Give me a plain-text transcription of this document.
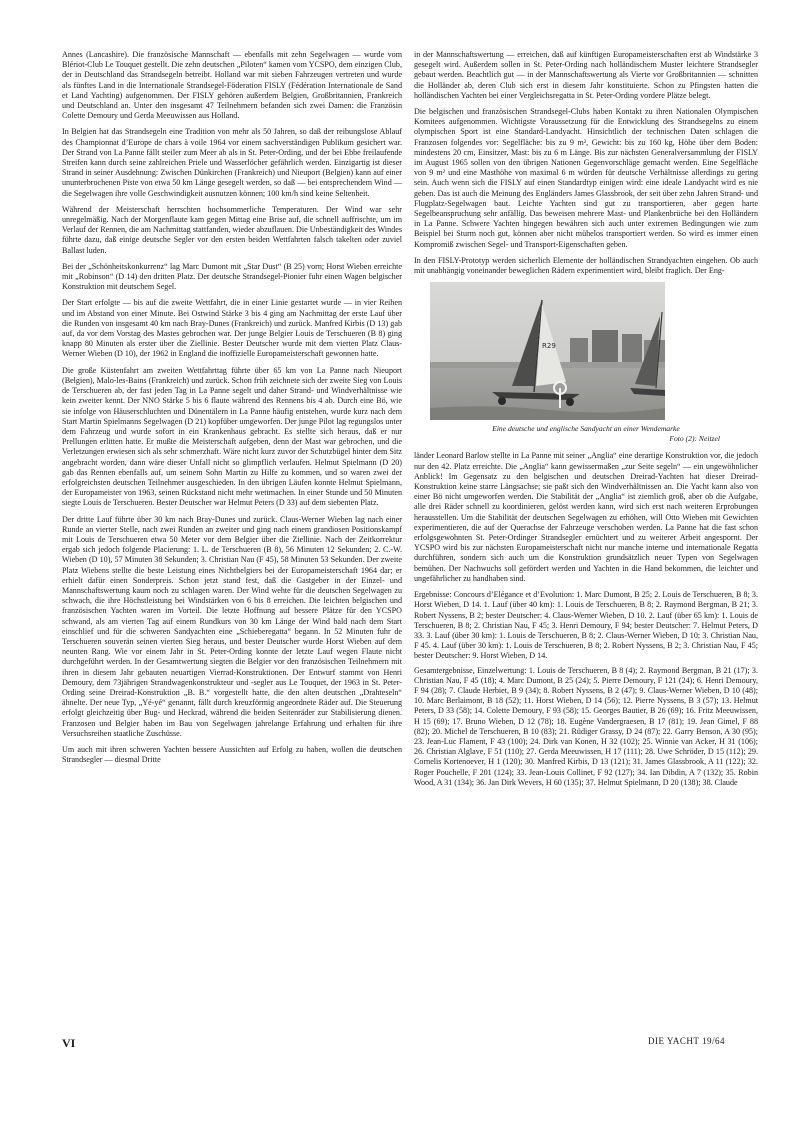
Annes (Lancashire). Die französische Mannschaft — ebenfalls mit zehn Segelwagen — wurde vom Blériot-Club Le Touquet gestellt. Die zehn deutschen „Piloten“ kamen vom YCSPO, dem einzigen Club, der in Deutschland das Strandsegeln betreibt. Holland war mit sieben Fahrzeugen vertreten und wurde als fünftes Land in die Internationale Strandsegel-Föderation FISLY (Fédération Internationale de Sand et Land Yachting) aufgenommen. Der FISLY gehören außerdem Belgien, Großbritannien, Frankreich und Deutschland an. Unter den insgesamt 47 Teilnehmern befanden sich zwei Damen: die Französin Colette Demoury und Gerda Meeuwissen aus Holland.

In Belgien hat das Strandsegeln eine Tradition von mehr als 50 Jahren, so daß der reibungslose Ablauf des Championnat d’Europe de chars à voile 1964 vor einem sachverständigen Publikum gesichert war. Der Strand von La Panne fällt steiler zum Meer ab als in St. Peter-Ording, und der bei Ebbe freilaufende Streifen kann durch seine zahlreichen Priele und Wasserlöcher gefährlich werden. Einzigartig ist dieser Strand in seiner Ausdehnung: Zwischen Dünkirchen (Frankreich) und Nieuport (Belgien) kann auf einer ununterbrochenen Piste von etwa 50 km Länge gesegelt werden, so daß — bei entsprechendem Wind — die Segelwagen ihre volle Geschwindigkeit ausnutzen können; 100 km/h sind keine Seltenheit.

Während der Meisterschaft herrschten hochsommerliche Temperaturen. Der Wind war sehr unregelmäßig. Nach der Morgenflaute kam gegen Mittag eine Brise auf, die schnell auffrischte, um im Verlauf der Rennen, die am Nachmittag stattfanden, wieder abzuflauen. Die Unbeständigkeit des Windes führte dazu, daß einige deutsche Segler vor den ersten beiden Wettfahrten falsch takelten oder zuviel Ballast luden.

Bei der „Schönheitskonkurrenz“ lag Marc Dumont mit „Star Dust“ (B 25) vorn; Horst Wieben erreichte mit „Robinson“ (D 14) den dritten Platz. Der deutsche Strandsegel-Pionier fuhr einen Wagen belgischer Konstruktion mit deutschem Segel.

Der Start erfolgte — bis auf die zweite Wettfahrt, die in einer Linie gestartet wurde — in vier Reihen und im Abstand von einer Minute. Bei Ostwind Stärke 3 bis 4 ging am Nachmittag der erste Lauf über die Runden von insgesamt 40 km nach Bray-Dunes (Frankreich) und zurück. Manfred Kirbis (D 13) gab auf, da vor dem Vorstag des Mastes gebrochen war. Der junge Belgier Louis de Terschueren (B 8) ging knapp 80 Minuten als erster über die Ziellinie. Bester Deutscher wurde mit dem vierten Platz Claus-Werner Wieben (D 10), der 1962 in England die inoffizielle Europameisterschaft gewonnen hatte.

Die große Küstenfahrt am zweiten Wettfahrttag führte über 65 km von La Panne nach Nieuport (Belgien), Malo-les-Bains (Frankreich) und zurück. Schon früh zeichnete sich der zweite Sieg von Louis de Terschueren ab, der fast jeden Tag in La Panne segelt und daher Strand- und Windverhältnisse wie kein zweiter kennt. Der NNO Stärke 5 bis 6 flaute während des Rennens bis 4 ab. Durch eine Bö, wie sie infolge von Häuserschluchten und Dünentälern in La Panne häufig entstehen, wurde kurz nach dem Start Martin Spielmanns Segelwagen (D 21) kopfüber umgeworfen. Der junge Pilot lag regungslos unter dem Fahrzeug und wurde sofort in ein Krankenhaus gebracht. Es stellte sich heraus, daß er nur Prellungen erlitten hatte. Er mußte die Meisterschaft aufgeben, denn der Mast war gebrochen, und die Verletzungen erwiesen sich als sehr schmerzhaft. Wäre nicht kurz zuvor der Schutzbügel hinter dem Sitz angebracht worden, dann wäre dieser Unfall nicht so glimpflich verlaufen. Helmut Spielmann (D 20) gab das Rennen ebenfalls auf, um seinem Sohn Martin zu Hilfe zu kommen, und so waren zwei der erfolgreichsten deutschen Teilnehmer ausgeschieden. In den übrigen Läufen konnte Helmut Spielmann, der Europameister von 1963, seinen Rückstand nicht mehr wettmachen. In einer Stunde und 50 Minuten siegte Louis de Terschueren. Bester Deutscher war Helmut Peters (D 33) auf dem siebenten Platz.

Der dritte Lauf führte über 30 km nach Bray-Dunes und zurück. Claus-Werner Wieben lag nach einer Runde an vierter Stelle, nach zwei Runden an zweiter und ging nach einem grandiosen Positionskampf mit Louis de Terschueren etwa 50 Meter vor dem Belgier über die Ziellinie. Nach der Zeitkorrektur ergab sich jedoch folgende Placierung: 1. L. de Terschueren (B 8), 56 Minuten 12 Sekunden; 2. C.-W. Wieben (D 10), 57 Minuten 38 Sekunden; 3. Christian Nau (F 45), 58 Minuten 53 Sekunden. Der zweite Platz Wiebens stellte die beste Leistung eines Nichtbelgiers bei der Europameisterschaft 1964 dar; er erhielt dafür einen Sonderpreis. Schon jetzt stand fest, daß die Gastgeber in der Einzel- und Mannschaftswertung kaum noch zu schlagen waren. Der Wind wehte für die deutschen Segelwagen zu schwach, die ihre Höchstleistung bei Windstärken von 6 bis 8 erreichen. Die leichten belgischen und französischen Yachten waren im Vorteil. Die letzte Hoffnung auf bessere Plätze für den YCSPO schwand, als am vierten Tag auf einem Rundkurs von 30 km Länge der Wind bald nach dem Start einschlief und für die schweren Sandyachten eine „Schieberegatta“ begann. In 52 Minuten fuhr de Terschueren souverän seinen vierten Sieg heraus, und bester Deutscher wurde Horst Wieben auf dem neunten Rang. Wie vor einem Jahr in St. Peter-Ording konnte der letzte Lauf wegen Flaute nicht durchgeführt werden. In der Gesamtwertung siegten die Belgier vor den französischen Teilnehmern mit ihren in diesem Jahr gebauten neuartigen Vierrad-Konstruktionen. Der Entwurf stammt von Henri Demoury, dem 73jährigen Strandwagenkonstrukteur und -segler aus Le Touquet, der 1963 in St. Peter-Ording seine Dreirad-Konstruktion „B. B.“ vorgestellt hatte, die den alten deutschen „Drahteseln“ ähnelte. Der neue Typ, „Yé-yé“ genannt, fällt durch kreuzförmig angeordnete Räder auf. Die Steuerung erfolgt gleichzeitig über Bug- und Heckrad, während die beiden Seitenräder zur Stabilisierung dienen. Franzosen und Belgier haben im Bau von Segelwagen jahrelange Erfahrung und erhalten für ihre Versuchsreihen staatliche Zuschüsse.

Um auch mit ihren schweren Yachten bessere Aussichten auf Erfolg zu haben, wollen die deutschen Strandsegler — diesmal Dritte

in der Mannschaftswertung — erreichen, daß auf künftigen Europameisterschaften erst ab Windstärke 3 gesegelt wird. Außerdem sollen in St. Peter-Ording nach holländischem Muster leichtere Strandsegler gebaut werden. Beachtlich gut — in der Mannschaftswertung als Vierte vor Großbritannien — schnitten die Holländer ab, deren Club sich erst in diesem Jahr konstituierte. Schon zu Pfingsten hatten die holländischen Yachten bei einer Vergleichsregatta in St. Peter-Ording vordere Plätze belegt.

Die belgischen und französischen Strandsegel-Clubs haben Kontakt zu ihren Nationalen Olympischen Komitees aufgenommen. Wichtigste Voraussetzung für die Entwicklung des Strandsegelns zu einem olympischen Sport ist eine Standard-Landyacht. Hinsichtlich der technischen Daten schlagen die Franzosen folgendes vor: Segelfläche: bis zu 9 m², Gewicht: bis zu 160 kg, Höhe über dem Boden: mindestens 20 cm, Einsitzer, Mast: bis zu 6 m Länge. Bis zur nächsten Generalversammlung der FISLY im August 1965 sollen von den übrigen Nationen Gegenvorschläge gemacht werden. Eine Segelfläche von 9 m² und eine Masthöhe von maximal 6 m würden für deutsche Verhältnisse allerdings zu gering sein. Auch wenn sich die FISLY auf einen Standardtyp einigen wird: eine ideale Landyacht wird es nie geben. Das ist auch die Meinung des Engländers James Glassbrook, der seit über zehn Jahren Strand- und Flugplatz-Segelwagen baut. Leichte Yachten sind gut zu transportieren, aber gegen harte Segelbeanspruchung sehr anfällig. Das beweisen mehrere Mast- und Plankenbrüche bei den Holländern in La Panne. Schwere Yachten hingegen bewähren sich auch unter extremen Bedingungen wie zum Beispiel bei Sturm noch gut, können aber nicht mühelos transportiert werden. So wird es immer einen Kompromiß zwischen Segel- und Transport-Eigenschaften geben.

In den FISLY-Prototyp werden sicherlich Elemente der holländischen Strandyachten eingehen. Ob auch mit unabhängig voneinander beweglichen Rädern experimentiert wird, bleibt fraglich. Der Eng-

R29
Eine deutsche und englische Sandyacht an einer Wendemarke
Foto (2): Neitzel

länder Leonard Barlow stellte in La Panne mit seiner „Anglia“ eine derartige Konstruktion vor, die jedoch nur den 42. Platz erreichte. Die „Anglia“ kann gewissermaßen „zur Seite segeln“ — ein ungewöhnlicher Anblick! Im Gegensatz zu den belgischen und deutschen Dreirad-Yachten hat dieser Dreirad-Konstruktion keine starre Längsachse; sie paßt sich den Windverhältnissen an. Die Yacht kann also von einer Bö nicht umgeworfen werden. Die Stabilität der „Anglia“ ist ziemlich groß, aber ob die Aufgabe, alle drei Räder schnell zu koordinieren, gelöst werden kann, wird sich erst nach weiteren Erprobungen herausstellen. Um die Stabilität der deutschen Segelwagen zu erhöhen, will Otto Wieben mit Gewichten experimentieren, die auf der Querachse der Fahrzeuge verschoben werden. La Panne hat die fast schon erfolgsgewohnten St. Peter-Ordinger Strandsegler ernüchtert und zu weiterer Arbeit angespornt. Der YCSPO wird bis zur nächsten Europameisterschaft nicht nur manche interne und internationale Regatta durchführen, sondern sich auch um die Konstruktion grundsätzlich neuer Typen von Segelwagen bemühen. Der Nachwuchs soll gefördert werden und Yachten in die Hand bekommen, die leichter und ungefährlicher zu handhaben sind.

Ergebnisse: Concours d’Elégance et d’Evolution: 1. Marc Dumont, B 25; 2. Louis de Terschueren, B 8; 3. Horst Wieben, D 14. 1. Lauf (über 40 km): 1. Louis de Terschueren, B 8; 2. Raymond Bergman, B 21; 3. Robert Nyssens, B 2; bester Deutscher: 4. Claus-Werner Wieben, D 10. 2. Lauf (über 65 km): 1. Louis de Terschueren, B 8; 2. Christian Nau, F 45; 3. Henri Demoury, F 94; bester Deutscher: 7. Helmut Peters, D 33. 3. Lauf (über 30 km): 1. Louis de Terschueren, B 8; 2. Claus-Werner Wieben, D 10; 3. Christian Nau, F 45. 4. Lauf (über 30 km): 1. Louis de Terschueren, B 8; 2. Robert Nyssens, B 2; 3. Christian Nau, F 45; bester Deutscher: 9. Horst Wieben, D 14.

Gesamtergebnisse, Einzelwertung: 1. Louis de Terschueren, B 8 (4); 2. Raymond Bergman, B 21 (17); 3. Christian Nau, F 45 (18); 4. Marc Dumont, B 25 (24); 5. Pierre Demoury, F 121 (24); 6. Henri Demoury, F 94 (28); 7. Claude Herbiet, B 9 (34); 8. Robert Nyssens, B 2 (47); 9. Claus-Werner Wieben, D 10 (48); 10. Marc Berlaimont, B 18 (52); 11. Horst Wieben, D 14 (56); 12. Pierre Nyssens, B 3 (57); 13. Helmut Peters, D 33 (58); 14. Colette Demoury, F 93 (58); 15. Georges Bautier, B 26 (69); 16. Fritz Meeuwissen, H 15 (69); 17. Bruno Wieben, D 12 (78); 18. Eugène Vandergraesen, B 17 (81); 19. Jean Gimel, F 88 (82); 20. Michel de Terschueren, B 10 (83); 21. Rüdiger Grassy, D 24 (87); 22. Garry Benson, A 30 (95); 23. Jean-Luc Flament, F 43 (100); 24. Dirk van Konen, H 32 (102); 25. Winnie van Acker, H 31 (106); 26. Christian Alglave, F 51 (110); 27. Gerda Meeuwissen, H 17 (111); 28. Uwe Schröder, D 15 (112); 29. Cornelis Kortenoever, H 1 (120); 30. Manfred Kirbis, D 13 (121); 31. James Glassbrook, A 11 (122); 32. Roger Pouchelle, F 201 (124); 33. Jean-Louis Collinet, F 92 (127); 34. Ian Dibdin, A 7 (132); 35. Robin Wood, A 31 (134); 36. Jan Dirk Wevers, H 60 (135); 37. Helmut Spielmann, D 20 (138); 38. Claude

VI	DIE YACHT 19/64
